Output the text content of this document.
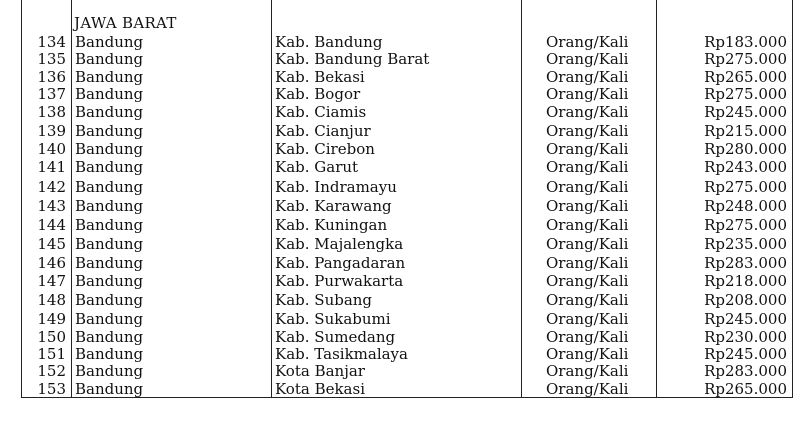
JAWA BARAT
134 Bandung	Kab. Bandung	Orang/Kali	Rp183.000
135 Bandung	Kab. Bandung Barat	Orang/Kali	Rp275.000
136 Bandung	Kab. Bekasi	Orang/Kali	Rp265.000
137 Bandung	Kab. Bogor	Orang/Kali	Rp275.000
138 Bandung	Kab. Ciamis	Orang/Kali	Rp245.000
139 Bandung	Kab. Cianjur	Orang/Kali	Rp215.000
140 Bandung	Kab. Cirebon	Orang/Kali	Rp280.000
141 Bandung	Kab. Garut	Orang/Kali	Rp243.000
142 Bandung	Kab. Indramayu	Orang/Kali	Rp275.000
143 Bandung	Kab. Karawang	Orang/Kali	Rp248.000
144 Bandung	Kab. Kuningan	Orang/Kali	Rp275.000
145 Bandung	Kab. Majalengka	Orang/Kali	Rp235.000
146 Bandung	Kab. Pangadaran	Orang/Kali	Rp283.000
147 Bandung	Kab. Purwakarta	Orang/Kali	Rp218.000
148 Bandung	Kab. Subang	Orang/Kali	Rp208.000
149 Bandung	Kab. Sukabumi	Orang/Kali	Rp245.000
150 Bandung	Kab. Sumedang	Orang/Kali	Rp230.000
151 Bandung	Kab. Tasikmalaya	Orang/Kali	Rp245.000
152 Bandung	Kota Banjar	Orang/Kali	Rp283.000
153 Bandung	Kota Bekasi	Orang/Kali	Rp265.000
